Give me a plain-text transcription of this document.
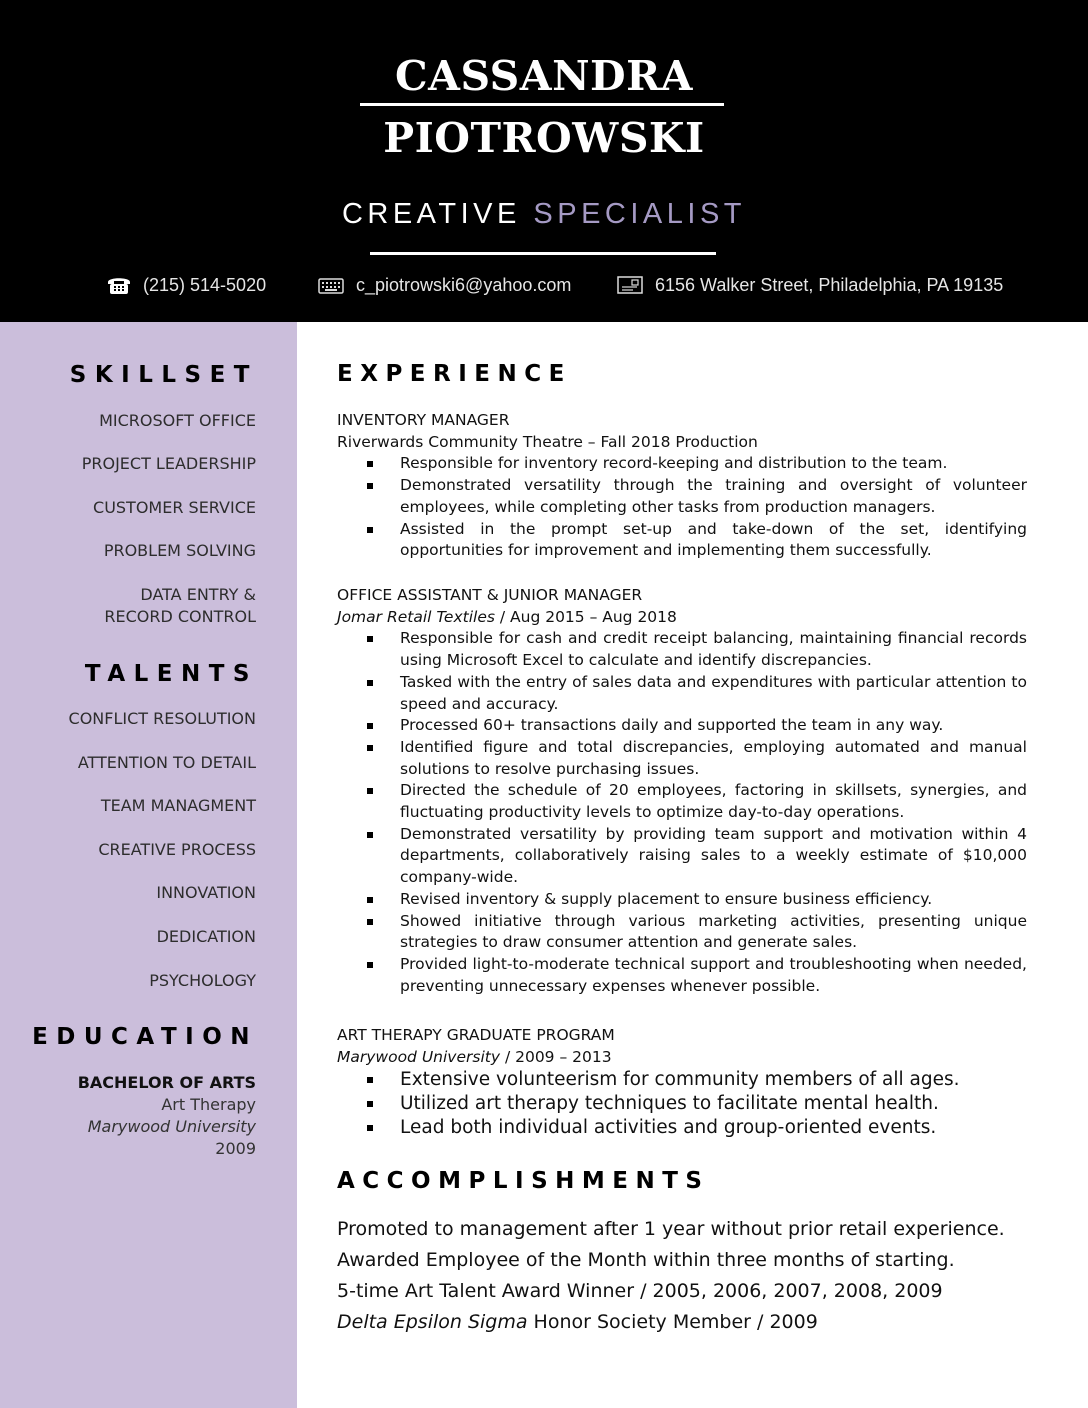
CASSANDRA
PIOTROWSKI
CREATIVE SPECIALIST
(215) 514-5020	c_piotrowski6@yahoo.com	6156 Walker Street, Philadelphia, PA 19135
SKILLSET
MICROSOFT OFFICE
PROJECT LEADERSHIP
CUSTOMER SERVICE
PROBLEM SOLVING
DATA ENTRY &
RECORD CONTROL
TALENTS
CONFLICT RESOLUTION
ATTENTION TO DETAIL
TEAM MANAGMENT
CREATIVE PROCESS
INNOVATION
DEDICATION
PSYCHOLOGY
EDUCATION
BACHELOR OF ARTS
Art Therapy
Marywood University
2009
EXPERIENCE
INVENTORY MANAGER
Riverwards Community Theatre – Fall 2018 Production
Responsible for inventory record-keeping and distribution to the team.
Demonstrated versatility through the training and oversight of volunteer employees, while completing other tasks from production managers.
Assisted in the prompt set-up and take-down of the set, identifying opportunities for improvement and implementing them successfully.
OFFICE ASSISTANT & JUNIOR MANAGER
Jomar Retail Textiles / Aug 2015 – Aug 2018
Responsible for cash and credit receipt balancing, maintaining financial records using Microsoft Excel to calculate and identify discrepancies.
Tasked with the entry of sales data and expenditures with particular attention to speed and accuracy.
Processed 60+ transactions daily and supported the team in any way.
Identified figure and total discrepancies, employing automated and manual solutions to resolve purchasing issues.
Directed the schedule of 20 employees, factoring in skillsets, synergies, and fluctuating productivity levels to optimize day-to-day operations.
Demonstrated versatility by providing team support and motivation within 4 departments, collaboratively raising sales to a weekly estimate of $10,000 company-wide.
Revised inventory & supply placement to ensure business efficiency.
Showed initiative through various marketing activities, presenting unique strategies to draw consumer attention and generate sales.
Provided light-to-moderate technical support and troubleshooting when needed, preventing unnecessary expenses whenever possible.
ART THERAPY GRADUATE PROGRAM
Marywood University / 2009 – 2013
Extensive volunteerism for community members of all ages.
Utilized art therapy techniques to facilitate mental health.
Lead both individual activities and group-oriented events.
ACCOMPLISHMENTS
Promoted to management after 1 year without prior retail experience.
Awarded Employee of the Month within three months of starting.
5-time Art Talent Award Winner / 2005, 2006, 2007, 2008, 2009
Delta Epsilon Sigma Honor Society Member / 2009
